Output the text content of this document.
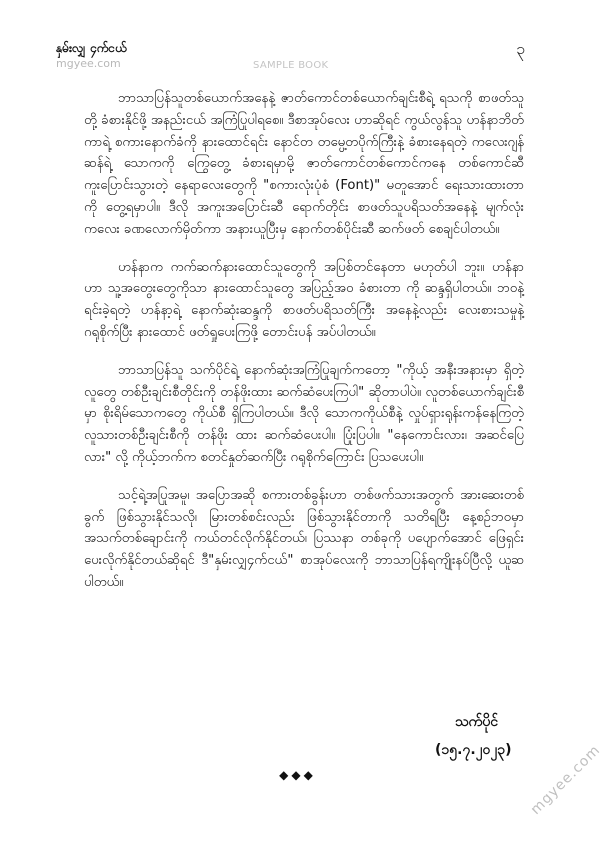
နှမ်းလျှ ၄က်ငယ်	၃
mgyee.com	SAMPLE BOOK

ဘာသာပြန်သူတစ်ယောက်အနေနဲ့ ဇာတ်ကောင်တစ်ယောက်ချင်းစီရဲ့ ရသကို စာဖတ်သူတို့ ခံစားနိုင်ဖို့ အနည်းငယ် အကြံပြုပါရစေ။ ဒီစာအုပ်လေး ဟာဆိုရင် ကွယ်လွန်သူ ဟန်နာဘိတ်ကာရဲ့ စကားနောက်ခံကို နားထောင်ရင်း နောင်တ တမ္ပေ့တပိုက်ကြီးနဲ့ ခံစားနေရတဲ့ ကလေးဂျန်ဆန်ရဲ့ သောကကို ကြွေတွေ့ ခံစားရမှာမို့ ဇာတ်ကောင်တစ်ကောင်ကနေ တစ်ကောင်ဆီ ကူးပြောင်းသွားတဲ့ နေရာလေးတွေကို "စကားလုံးပုံစံ (Font)" မတူအောင် ရေးသားထားတာကို တွေ့ရမှာပါ။ ဒီလို အကူးအပြောင်းဆီ ရောက်တိုင်း စာဖတ်သူပရိသတ်အနေနဲ့ မျက်လုံးကလေး ခဏလောက်မှိတ်ကာ အနားယူပြီးမှ နောက်တစ်ပိုင်းဆီ ဆက်ဖတ် စေချင်ပါတယ်။

ဟန်နာက ကက်ဆက်နားထောင်သူတွေကို အပြစ်တင်နေတာ မဟုတ်ပါ ဘူး။ ဟန်နာဟာ သူ့အတွေးတွေကိုသာ နားထောင်သူတွေ အပြည့်အဝ ခံစားတာ ကို ဆန္ဒရှိပါတယ်။ ဘဝနဲ့ရင်းခဲ့ရတဲ့ ဟန်နာ့ရဲ့ နောက်ဆုံးဆန္ဒကို စာဖတ်ပရိသတ်ကြီး အနေနဲ့လည်း လေးစားသမှုနဲ့ ဂရုစိုက်ပြီး နားထောင် ဖတ်ရှုပေးကြဖို့ တောင်းပန် အပ်ပါတယ်။

ဘာသာပြန်သူ သက်ပိုင်ရဲ့ နောက်ဆုံးအကြံပြုချက်ကတော့ "ကိုယ့် အနီးအနားမှာ ရှိတဲ့လူတွေ တစ်ဦးချင်းစီတိုင်းကို တန်ဖိုးထား ဆက်ဆံပေးကြပါ" ဆိုတာပါပဲ။ လူတစ်ယောက်ချင်းစီမှာ စိုးရိမ်သောကတွေ ကိုယ်စီ ရှိကြပါတယ်။ ဒီလို သောကကိုယ်စီနဲ့ လှုပ်ရှားရုန်းကန်နေကြတဲ့ လူသားတစ်ဦးချင်းစီကို တန်ဖိုး ထား ဆက်ဆံပေးပါ။ ပြုံးပြပါ။ "နေကောင်းလား၊ အဆင်ပြေလား" လို့ ကိုယ့်ဘက်က စတင်နှုတ်ဆက်ပြီး ဂရုစိုက်ကြောင်း ပြသပေးပါ။

သင့်ရဲ့အပြုအမူ၊ အပြောအဆို စကားတစ်ခွန်းဟာ တစ်ဖက်သားအတွက် အားဆေးတစ်ခွက် ဖြစ်သွားနိုင်သလို၊ မြားတစ်စင်းလည်း ဖြစ်သွားနိုင်တာကို သတိရပြီး နေ့စဉ်ဘဝမှာ အသက်တစ်ချောင်းကို ကယ်တင်လိုက်နိုင်တယ်၊ ပြဿနာ တစ်ခုကို ပပျောက်အောင် ဖြေရှင်းပေးလိုက်နိုင်တယ်ဆိုရင် ဒီ"နှမ်းလျှ၄က်ငယ်" စာအုပ်လေးကို ဘာသာပြန်ရကျိုးနပ်ပြီလို့ ယူဆပါတယ်။

သက်ပိုင်
(၁၅.၇.၂၀၂၃)
◆◆◆	mgyee.com
